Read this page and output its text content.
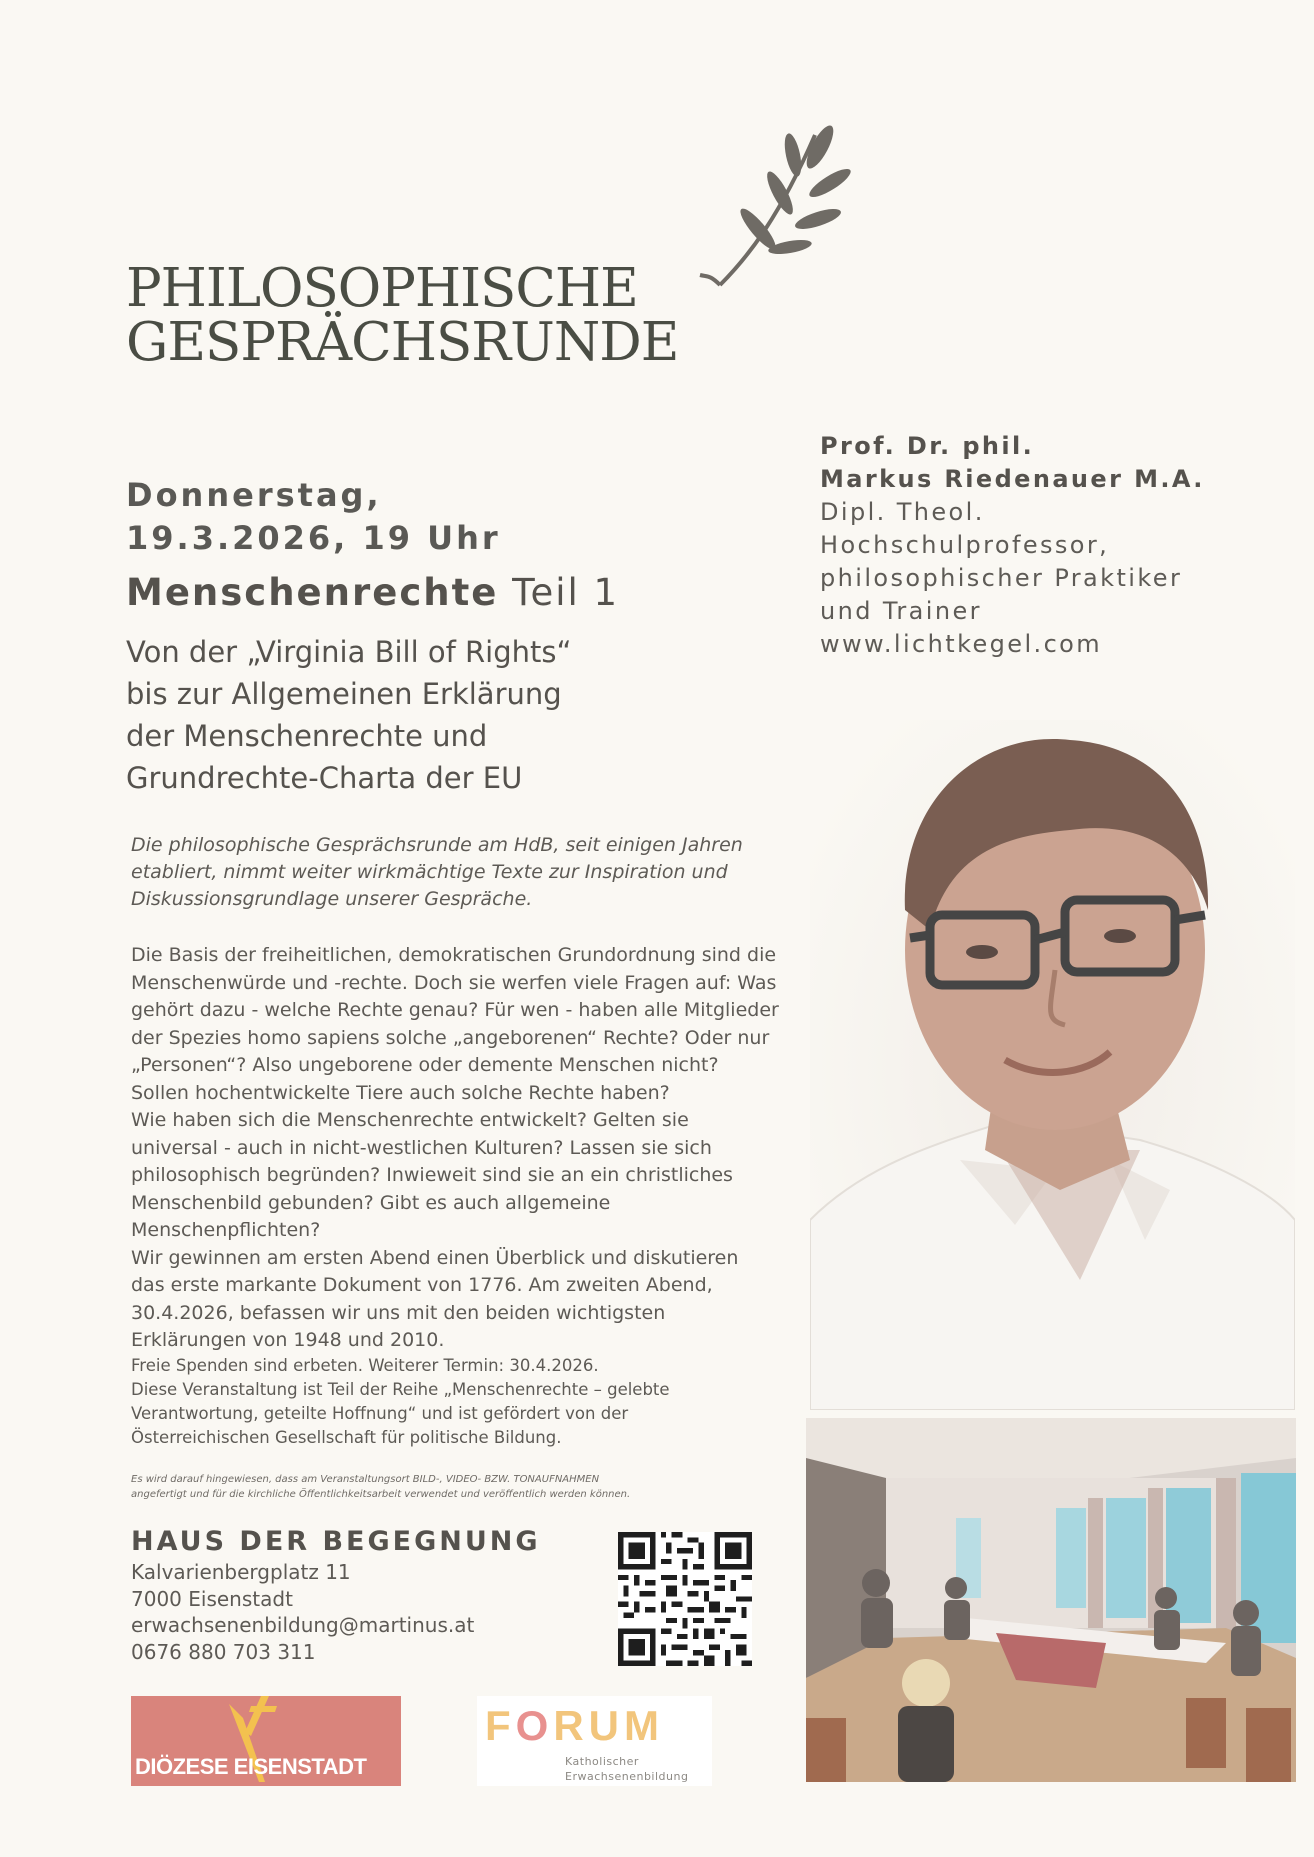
PHILOSOPHISCHE
GESPRÄCHSRUNDE
Donnerstag,
19.3.2026, 19 Uhr
Menschenrechte Teil 1
Von der „Virginia Bill of Rights“
bis zur Allgemeinen Erklärung
der Menschenrechte und
Grundrechte-Charta der EU
Prof. Dr. phil.
Markus Riedenauer M.A.
Dipl. Theol.
Hochschulprofessor,
philosophischer Praktiker
und Trainer
www.lichtkegel.com
Die philosophische Gesprächsrunde am HdB, seit einigen Jahren etabliert, nimmt weiter wirkmächtige Texte zur Inspiration und Diskussionsgrundlage unserer Gespräche.
Die Basis der freiheitlichen, demokratischen Grundordnung sind die
Menschenwürde und -rechte. Doch sie werfen viele Fragen auf: Was
gehört dazu - welche Rechte genau? Für wen - haben alle Mitglieder
der Spezies homo sapiens solche „angeborenen“ Rechte? Oder nur
„Personen“? Also ungeborene oder demente Menschen nicht?
Sollen hochentwickelte Tiere auch solche Rechte haben?
Wie haben sich die Menschenrechte entwickelt? Gelten sie
universal - auch in nicht-westlichen Kulturen? Lassen sie sich
philosophisch begründen? Inwieweit sind sie an ein christliches
Menschenbild gebunden? Gibt es auch allgemeine
Menschenpflichten?
Wir gewinnen am ersten Abend einen Überblick und diskutieren
das erste markante Dokument von 1776. Am zweiten Abend,
30.4.2026, befassen wir uns mit den beiden wichtigsten
Erklärungen von 1948 und 2010.
Freie Spenden sind erbeten. Weiterer Termin: 30.4.2026.
Diese Veranstaltung ist Teil der Reihe „Menschenrechte – gelebte
Verantwortung, geteilte Hoffnung“ und ist gefördert von der
Österreichischen Gesellschaft für politische Bildung.
Es wird darauf hingewiesen, dass am Veranstaltungsort BILD-, VIDEO- BZW. TONAUFNAHMEN
angefertigt und für die kirchliche Öffentlichkeitsarbeit verwendet und veröffentlich werden können.
HAUS DER BEGEGNUNG
Kalvarienbergplatz 11
7000 Eisenstadt
erwachsenenbildung@martinus.at
0676 880 703 311
DIÖZESE EISENSTADT
FORUM
Katholischer
Erwachsenenbildung
